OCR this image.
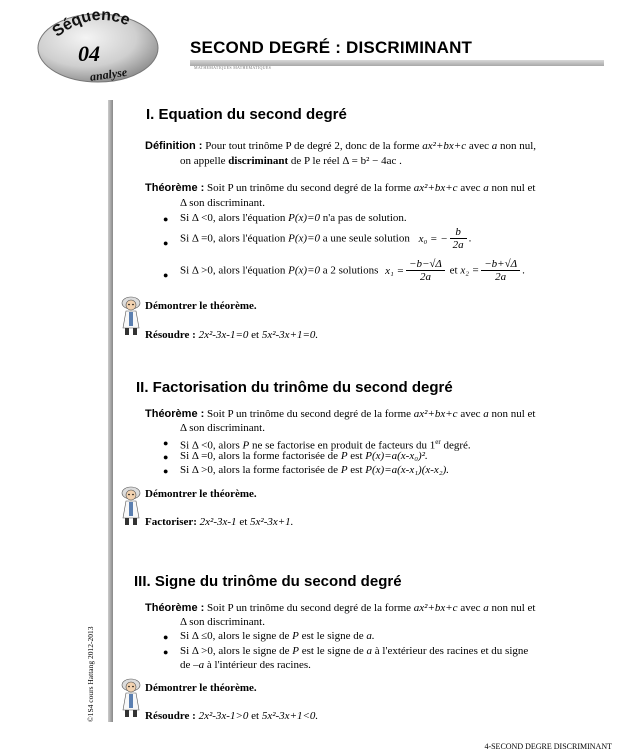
Séquence
04
analyse
SECOND DEGRÉ : DISCRIMINANT
MATHEMATIQUES MATHEMATIQUES
©1S4 cours Hattang 2012-2013
I. Equation du second degré
Définition : Pour tout trinôme P de degré 2, donc de la forme ax²+bx+c avec a non nul,
on appelle discriminant de P le réel Δ = b² − 4ac .
Théorème : Soit P un trinôme du second degré de la forme ax²+bx+c avec a non nul et
Δ son discriminant.
● Si Δ <0, alors l'équation P(x)=0 n'a pas de solution.
● Si Δ =0, alors l'équation P(x)=0 a une seule solution x₀ = − $\frac{b}{2a}$ .
● Si Δ >0, alors l'équation P(x)=0 a 2 solutions $x_1 = \frac{-b-√\Delta}{2a}$ et $x_2 = \frac{-b+√\Delta}{2a}$ .
Démontrer le théorème.
Résoudre : 2x²-3x-1=0 et 5x²-3x+1=0.
II. Factorisation du trinôme du second degré
Théorème : Soit P un trinôme du second degré de la forme ax²+bx+c avec a non nul et
Δ son discriminant.
● Si Δ <0, alors P ne se factorise en produit de facteurs du 1er degré.
● Si Δ =0, alors la forme factorisée de P est P(x)=a(x-x₀)².
● Si Δ >0, alors la forme factorisée de P est P(x)=a(x-x₁)(x-x₂).
Démontrer le théorème.
Factoriser: 2x²-3x-1 et 5x²-3x+1.
III. Signe du trinôme du second degré
Théorème : Soit P un trinôme du second degré de la forme ax²+bx+c avec a non nul et
Δ son discriminant.
● Si Δ ≤0, alors le signe de P est le signe de a.
● Si Δ >0, alors le signe de P est le signe de a à l'extérieur des racines et du signe
de –a à l'intérieur des racines.
Démontrer le théorème.
Résoudre : 2x²-3x-1>0 et 5x²-3x+1<0.
4-SECOND DEGRE DISCRIMINANT
